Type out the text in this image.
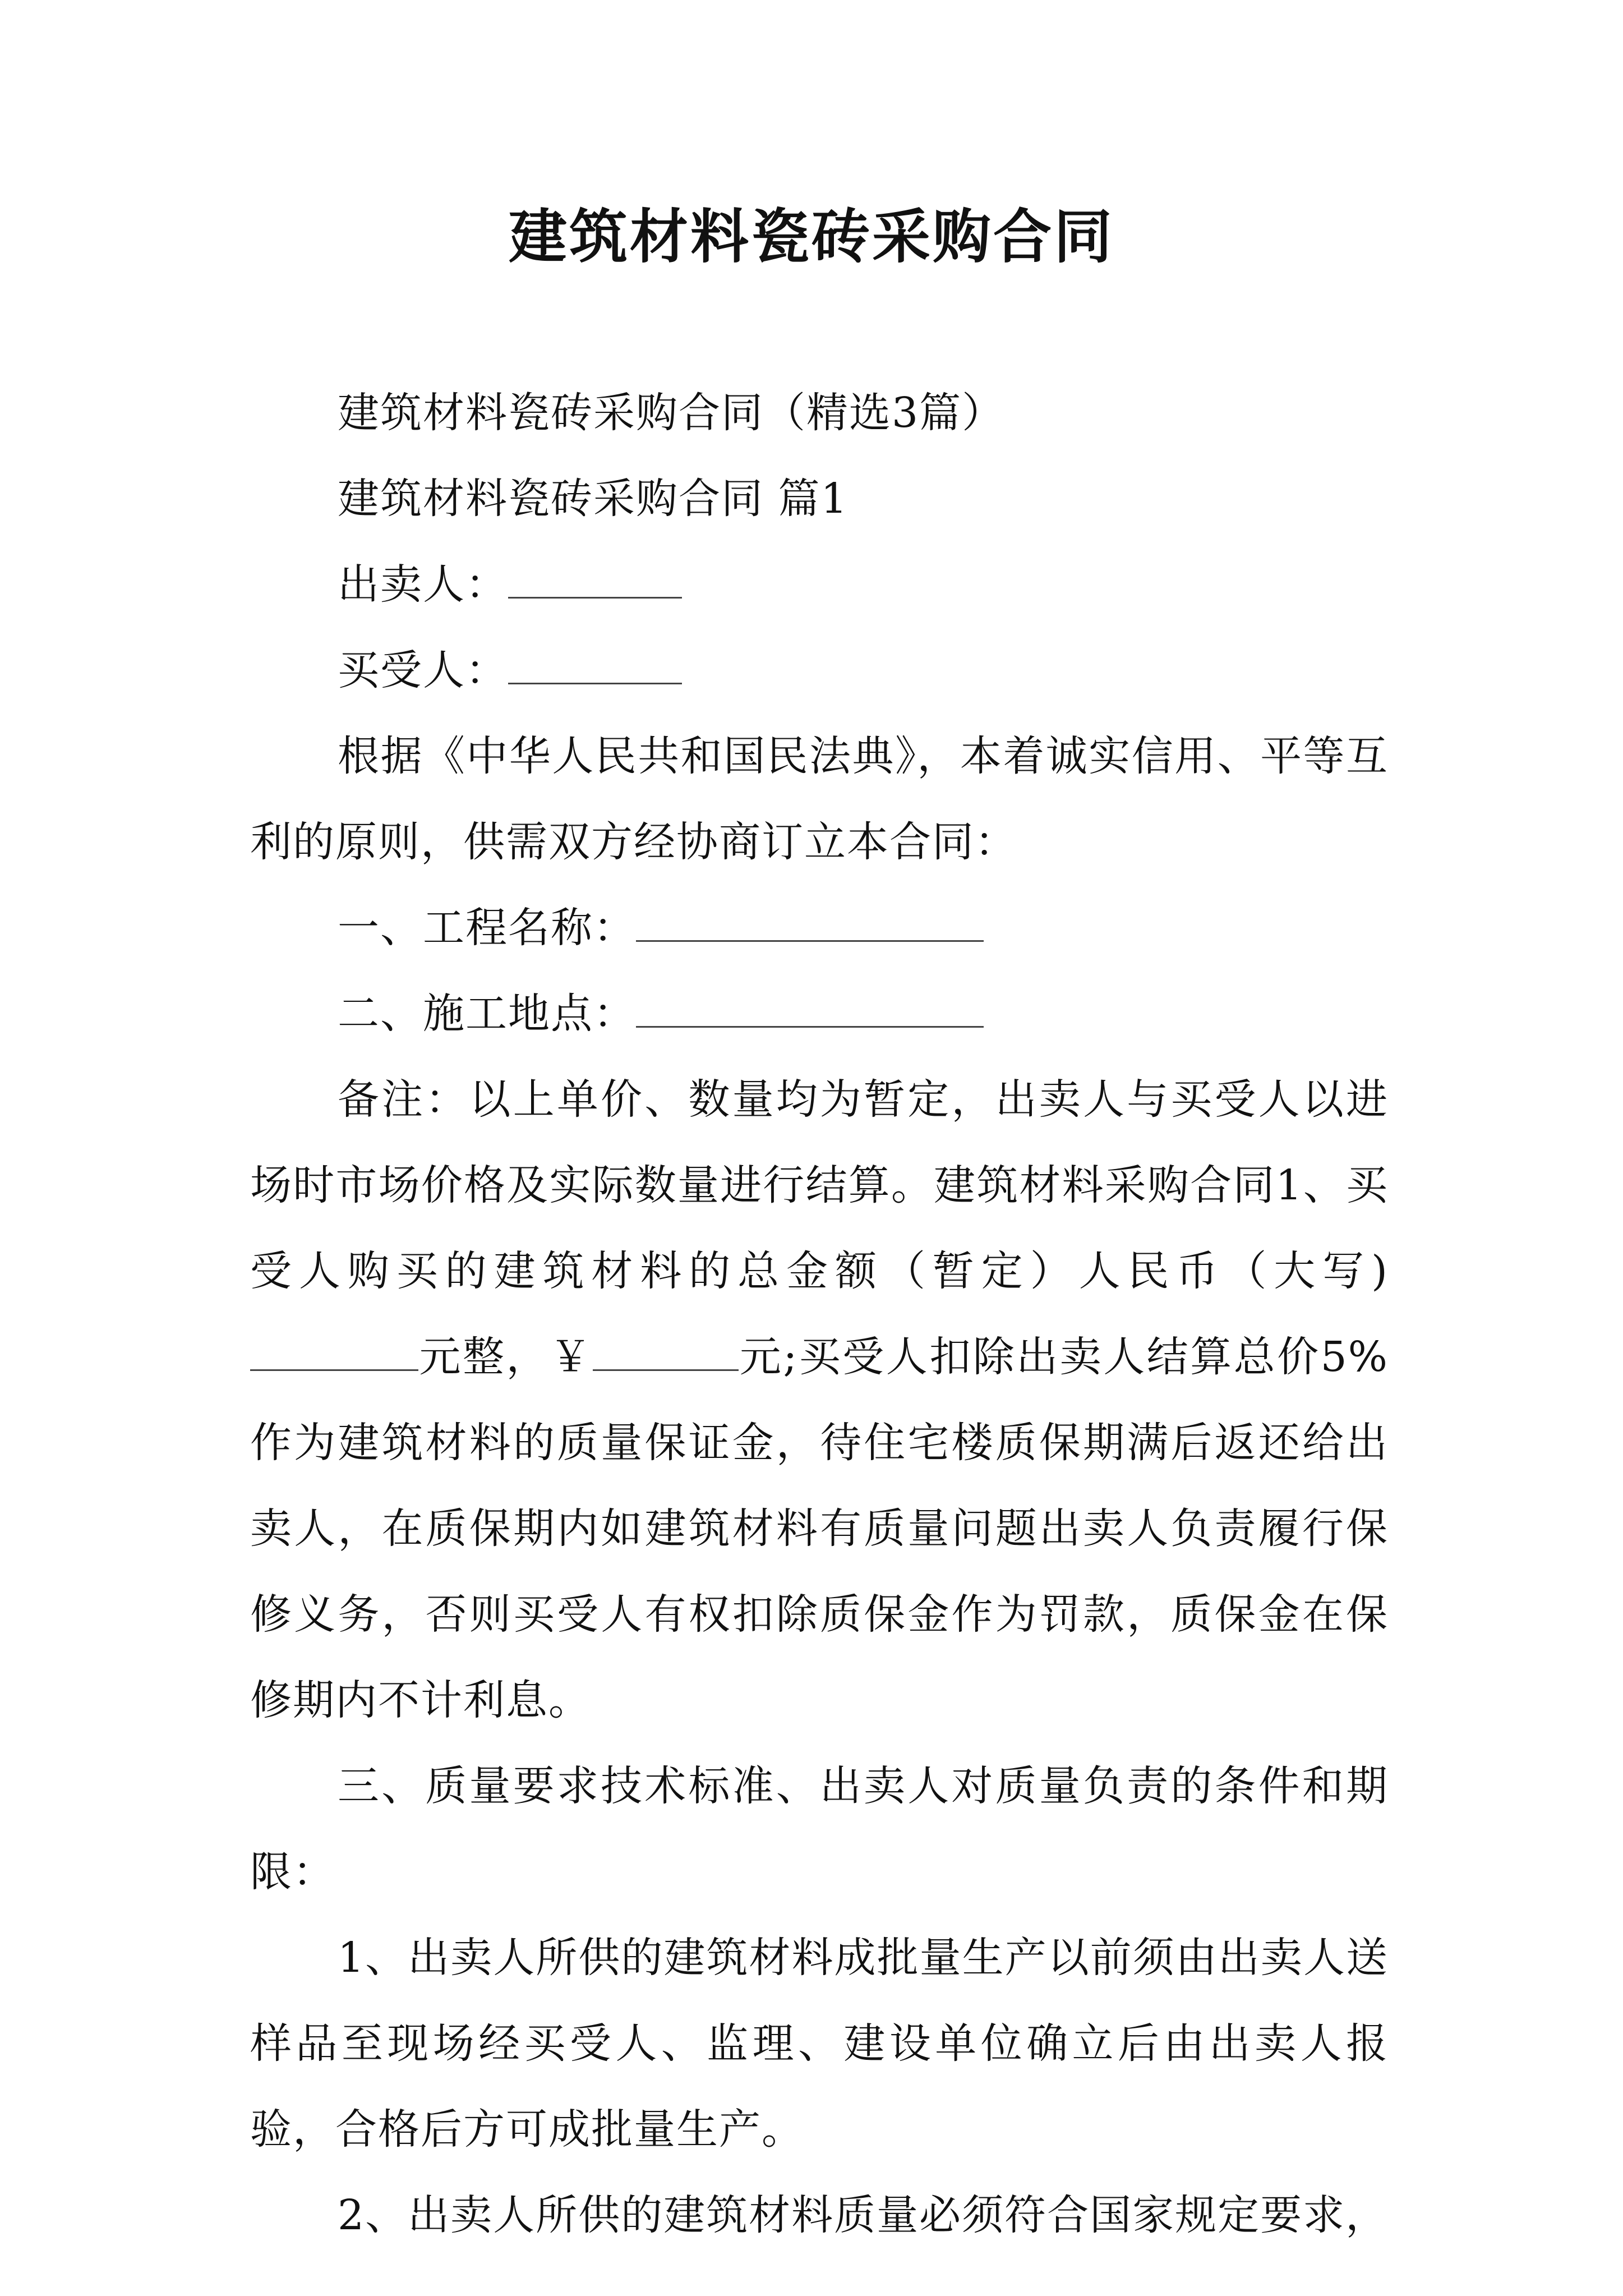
建筑材料瓷砖采购合同

建筑材料瓷砖采购合同（精选3篇）

建筑材料瓷砖采购合同 篇1

出卖人：

买受人：

根据《中华人民共和国民法典》，本着诚实信用、平等互利的原则，供需双方经协商订立本合同：

一、工程名称：

二、施工地点：

备注：以上单价、数量均为暂定，出卖人与买受人以进场时市场价格及实际数量进行结算。建筑材料采购合同1、买受人购买的建筑材料的总金额（暂定）人民币（大写)元整，￥	元;买受人扣除出卖人结算总价5%作为建筑材料的质量保证金，待住宅楼质保期满后返还给出卖人，在质保期内如建筑材料有质量问题出卖人负责履行保修义务，否则买受人有权扣除质保金作为罚款，质保金在保修期内不计利息。

三、质量要求技术标准、出卖人对质量负责的条件和期限：

1、出卖人所供的建筑材料成批量生产以前须由出卖人送样品至现场经买受人、监理、建设单位确立后由出卖人报验，合格后方可成批量生产。

2、出卖人所供的建筑材料质量必须符合国家规定要求，
